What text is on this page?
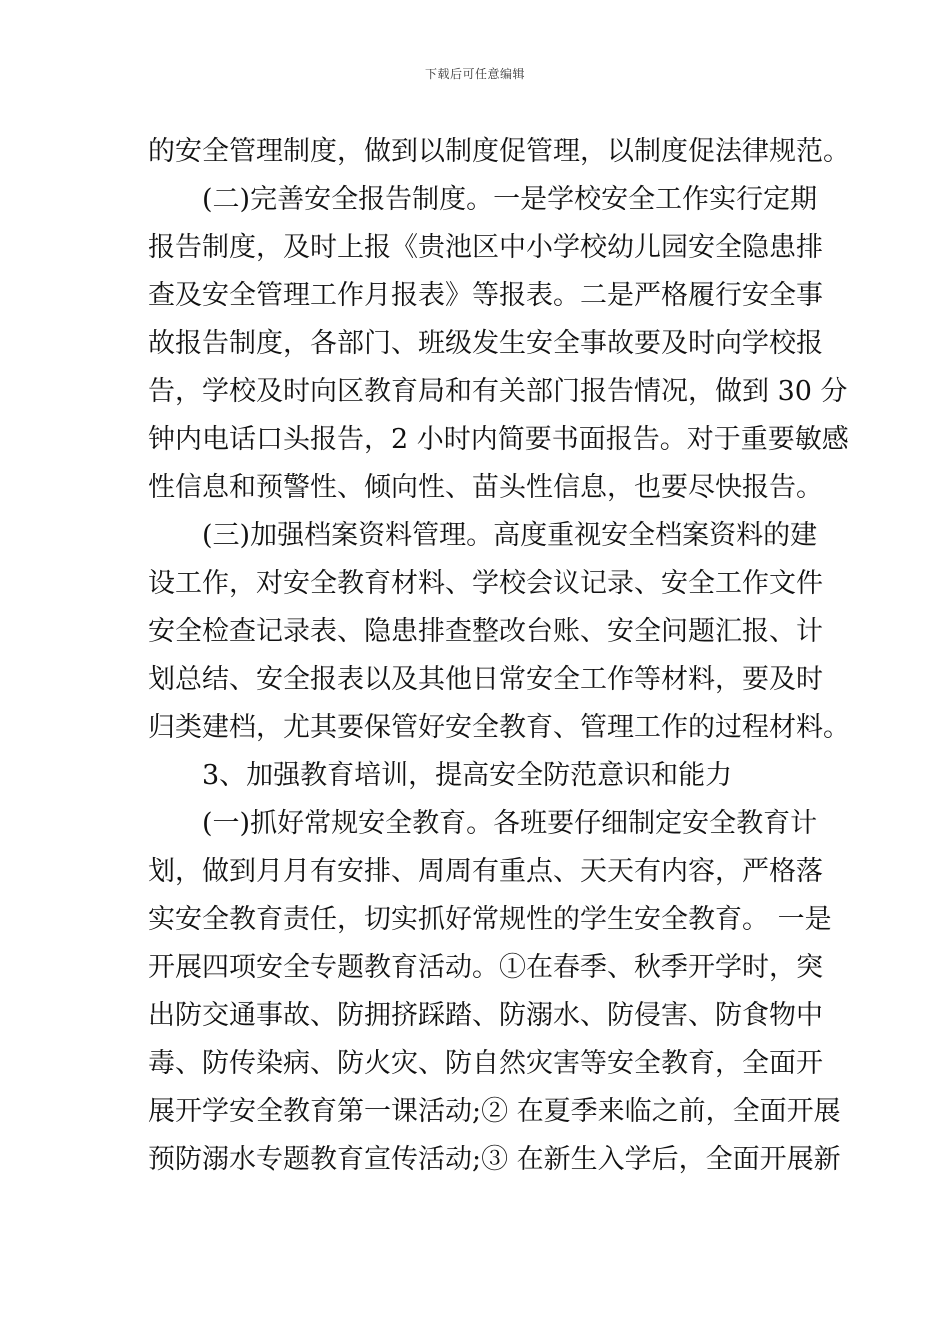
下载后可任意编辑
的安全管理制度，做到以制度促管理，以制度促法律规范。
(二)完善安全报告制度。一是学校安全工作实行定期
报告制度，及时上报《贵池区中小学校幼儿园安全隐患排
查及安全管理工作月报表》等报表。二是严格履行安全事
故报告制度，各部门、班级发生安全事故要及时向学校报
告，学校及时向区教育局和有关部门报告情况，做到 30 分
钟内电话口头报告，2 小时内简要书面报告。对于重要敏感
性信息和预警性、倾向性、苗头性信息，也要尽快报告。
(三)加强档案资料管理。高度重视安全档案资料的建
设工作，对安全教育材料、学校会议记录、安全工作文件
安全检查记录表、隐患排查整改台账、安全问题汇报、计
划总结、安全报表以及其他日常安全工作等材料，要及时
归类建档，尤其要保管好安全教育、管理工作的过程材料。
3、加强教育培训，提高安全防范意识和能力
(一)抓好常规安全教育。各班要仔细制定安全教育计
划，做到月月有安排、周周有重点、天天有内容，严格落
实安全教育责任，切实抓好常规性的学生安全教育。 一是
开展四项安全专题教育活动。①在春季、秋季开学时，突
出防交通事故、防拥挤踩踏、防溺水、防侵害、防食物中
毒、防传染病、防火灾、防自然灾害等安全教育，全面开
展开学安全教育第一课活动;② 在夏季来临之前，全面开展
预防溺水专题教育宣传活动;③ 在新生入学后，全面开展新
